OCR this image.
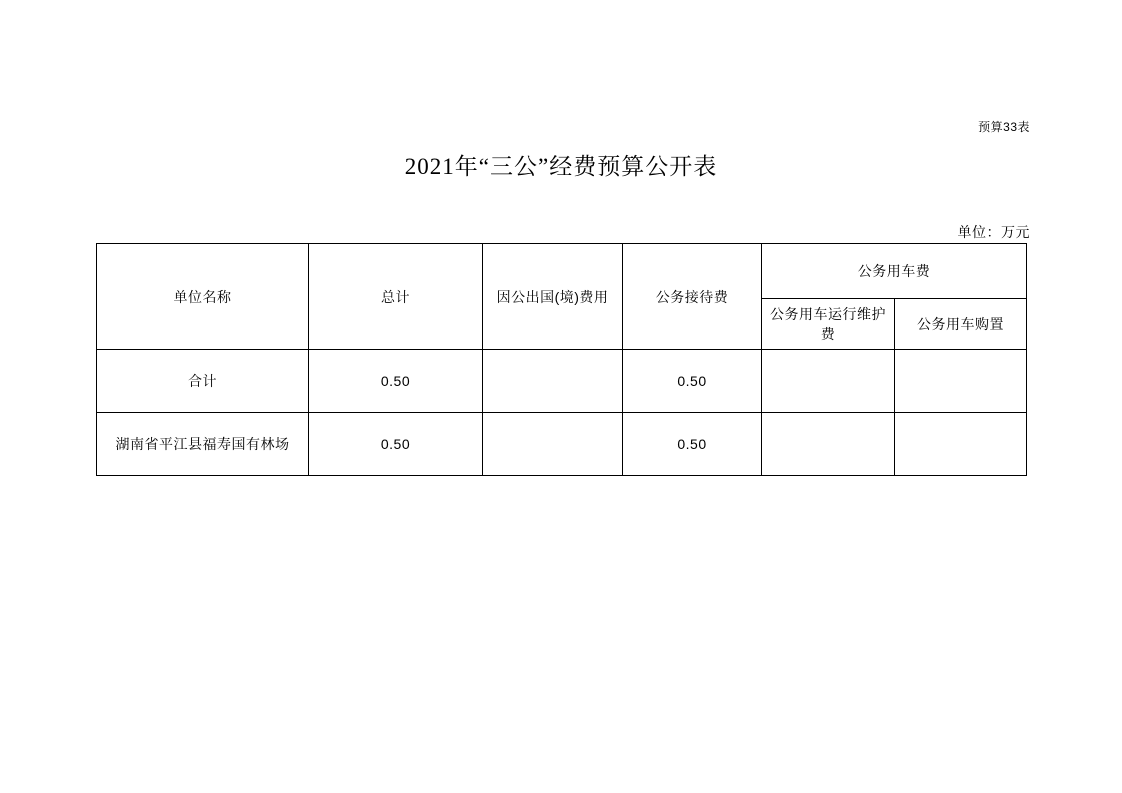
预算33表
2021年“三公”经费预算公开表
单位：万元
单位名称	总计	因公出国(境)费用	公务接待费	公务用车费	
				公务用车运行维护费	公务用车购置
合计	0.50		0.50		
湖南省平江县福寿国有林场	0.50		0.50		
